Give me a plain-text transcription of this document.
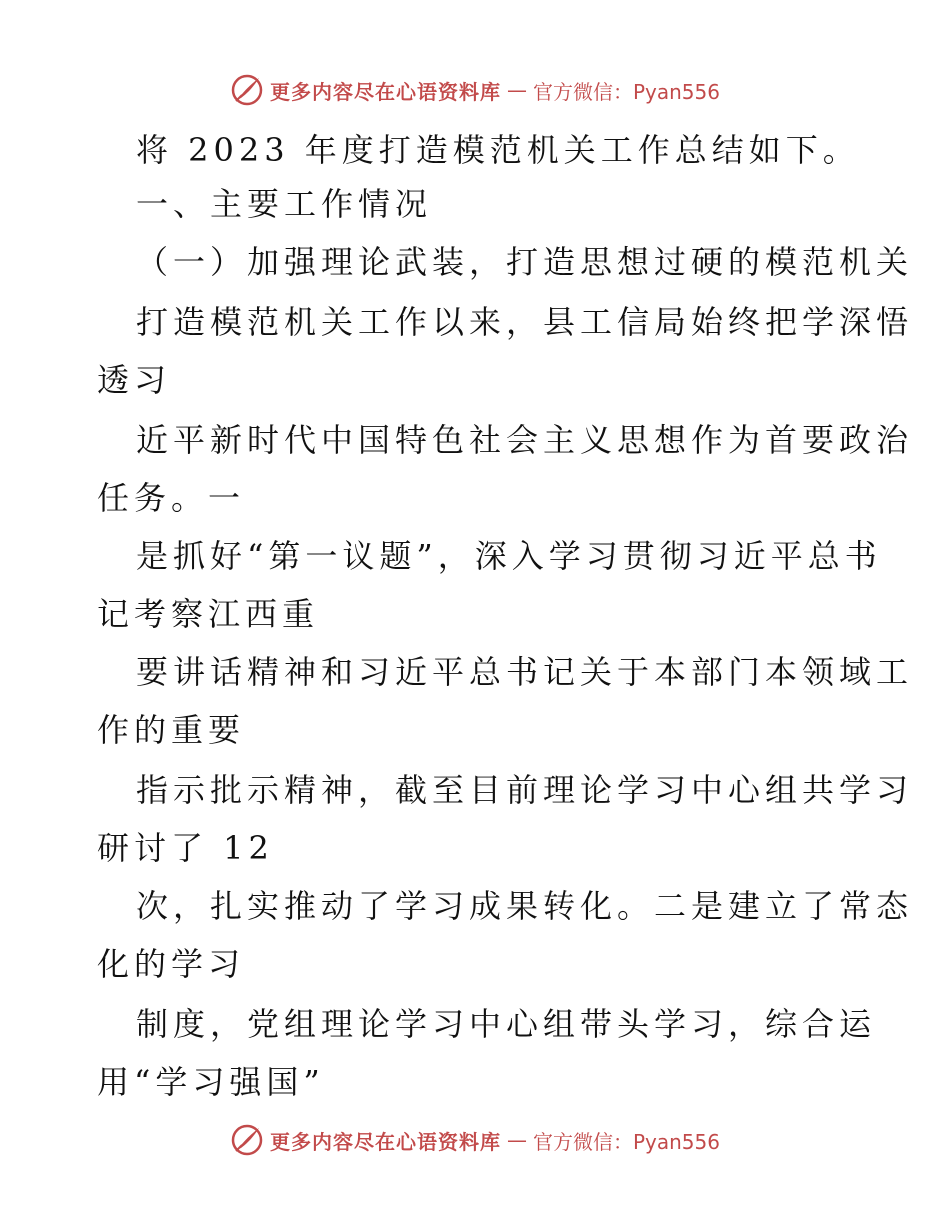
更多内容尽在心语资料库 — 官方微信：Pyan556
将 2023 年度打造模范机关工作总结如下。
一、主要工作情况
（一）加强理论武装，打造思想过硬的模范机关
打造模范机关工作以来，县工信局始终把学深悟
透习
近平新时代中国特色社会主义思想作为首要政治
任务。一
是抓好“第一议题”，深入学习贯彻习近平总书
记考察江西重
要讲话精神和习近平总书记关于本部门本领域工
作的重要
指示批示精神，截至目前理论学习中心组共学习
研讨了 12
次，扎实推动了学习成果转化。二是建立了常态
化的学习
制度，党组理论学习中心组带头学习，综合运
用“学习强国”
更多内容尽在心语资料库 — 官方微信：Pyan556
